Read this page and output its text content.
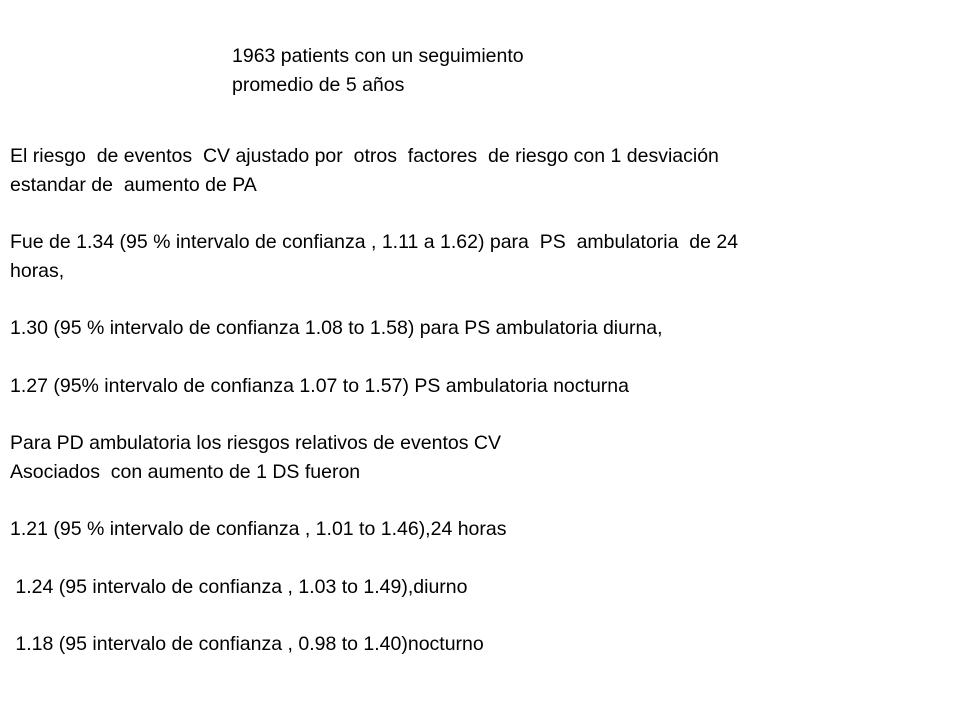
1963 patients con un seguimiento
promedio de 5 años
El riesgo  de eventos  CV ajustado por  otros  factores  de riesgo con 1 desviación
estandar de  aumento de PA
Fue de 1.34 (95 % intervalo de confianza , 1.11 a 1.62) para  PS  ambulatoria  de 24
horas,
1.30 (95 % intervalo de confianza 1.08 to 1.58) para PS ambulatoria diurna,
1.27 (95% intervalo de confianza 1.07 to 1.57) PS ambulatoria nocturna
Para PD ambulatoria los riesgos relativos de eventos CV
Asociados  con aumento de 1 DS fueron
1.21 (95 % intervalo de confianza , 1.01 to 1.46),24 horas
1.24 (95 intervalo de confianza , 1.03 to 1.49),diurno
1.18 (95 intervalo de confianza , 0.98 to 1.40)nocturno
